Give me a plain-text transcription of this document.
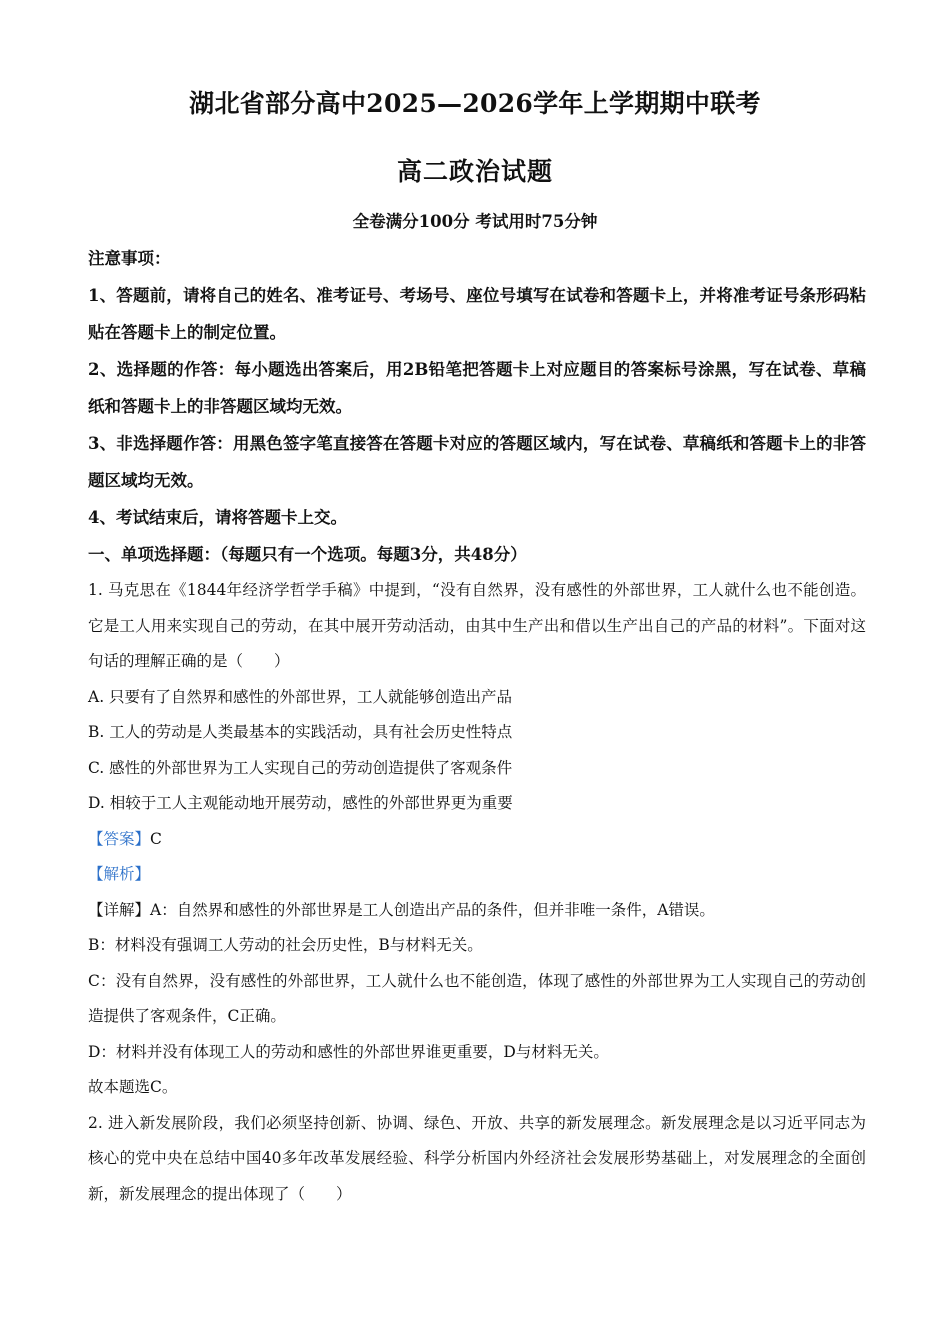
湖北省部分高中2025—2026学年上学期期中联考
高二政治试题
全卷满分100分 考试用时75分钟

注意事项：

1、答题前，请将自己的姓名、准考证号、考场号、座位号填写在试卷和答题卡上，并将准考证号条形码粘贴在答题卡上的制定位置。

2、选择题的作答：每小题选出答案后，用2B铅笔把答题卡上对应题目的答案标号涂黑，写在试卷、草稿纸和答题卡上的非答题区域均无效。

3、非选择题作答：用黑色签字笔直接答在答题卡对应的答题区域内，写在试卷、草稿纸和答题卡上的非答题区域均无效。

4、考试结束后，请将答题卡上交。

一、单项选择题：（每题只有一个选项。每题3分，共48分）

1. 马克思在《1844年经济学哲学手稿》中提到，“没有自然界，没有感性的外部世界，工人就什么也不能创造。它是工人用来实现自己的劳动，在其中展开劳动活动，由其中生产出和借以生产出自己的产品的材料”。下面对这句话的理解正确的是（　　）

A. 只要有了自然界和感性的外部世界，工人就能够创造出产品

B. 工人的劳动是人类最基本的实践活动，具有社会历史性特点

C. 感性的外部世界为工人实现自己的劳动创造提供了客观条件

D. 相较于工人主观能动地开展劳动，感性的外部世界更为重要

【答案】C

【解析】

【详解】A：自然界和感性的外部世界是工人创造出产品的条件，但并非唯一条件，A错误。

B：材料没有强调工人劳动的社会历史性，B与材料无关。

C：没有自然界，没有感性的外部世界，工人就什么也不能创造，体现了感性的外部世界为工人实现自己的劳动创造提供了客观条件，C正确。

D：材料并没有体现工人的劳动和感性的外部世界谁更重要，D与材料无关。

故本题选C。

2. 进入新发展阶段，我们必须坚持创新、协调、绿色、开放、共享的新发展理念。新发展理念是以习近平同志为核心的党中央在总结中国40多年改革发展经验、科学分析国内外经济社会发展形势基础上，对发展理念的全面创新，新发展理念的提出体现了（　　）
